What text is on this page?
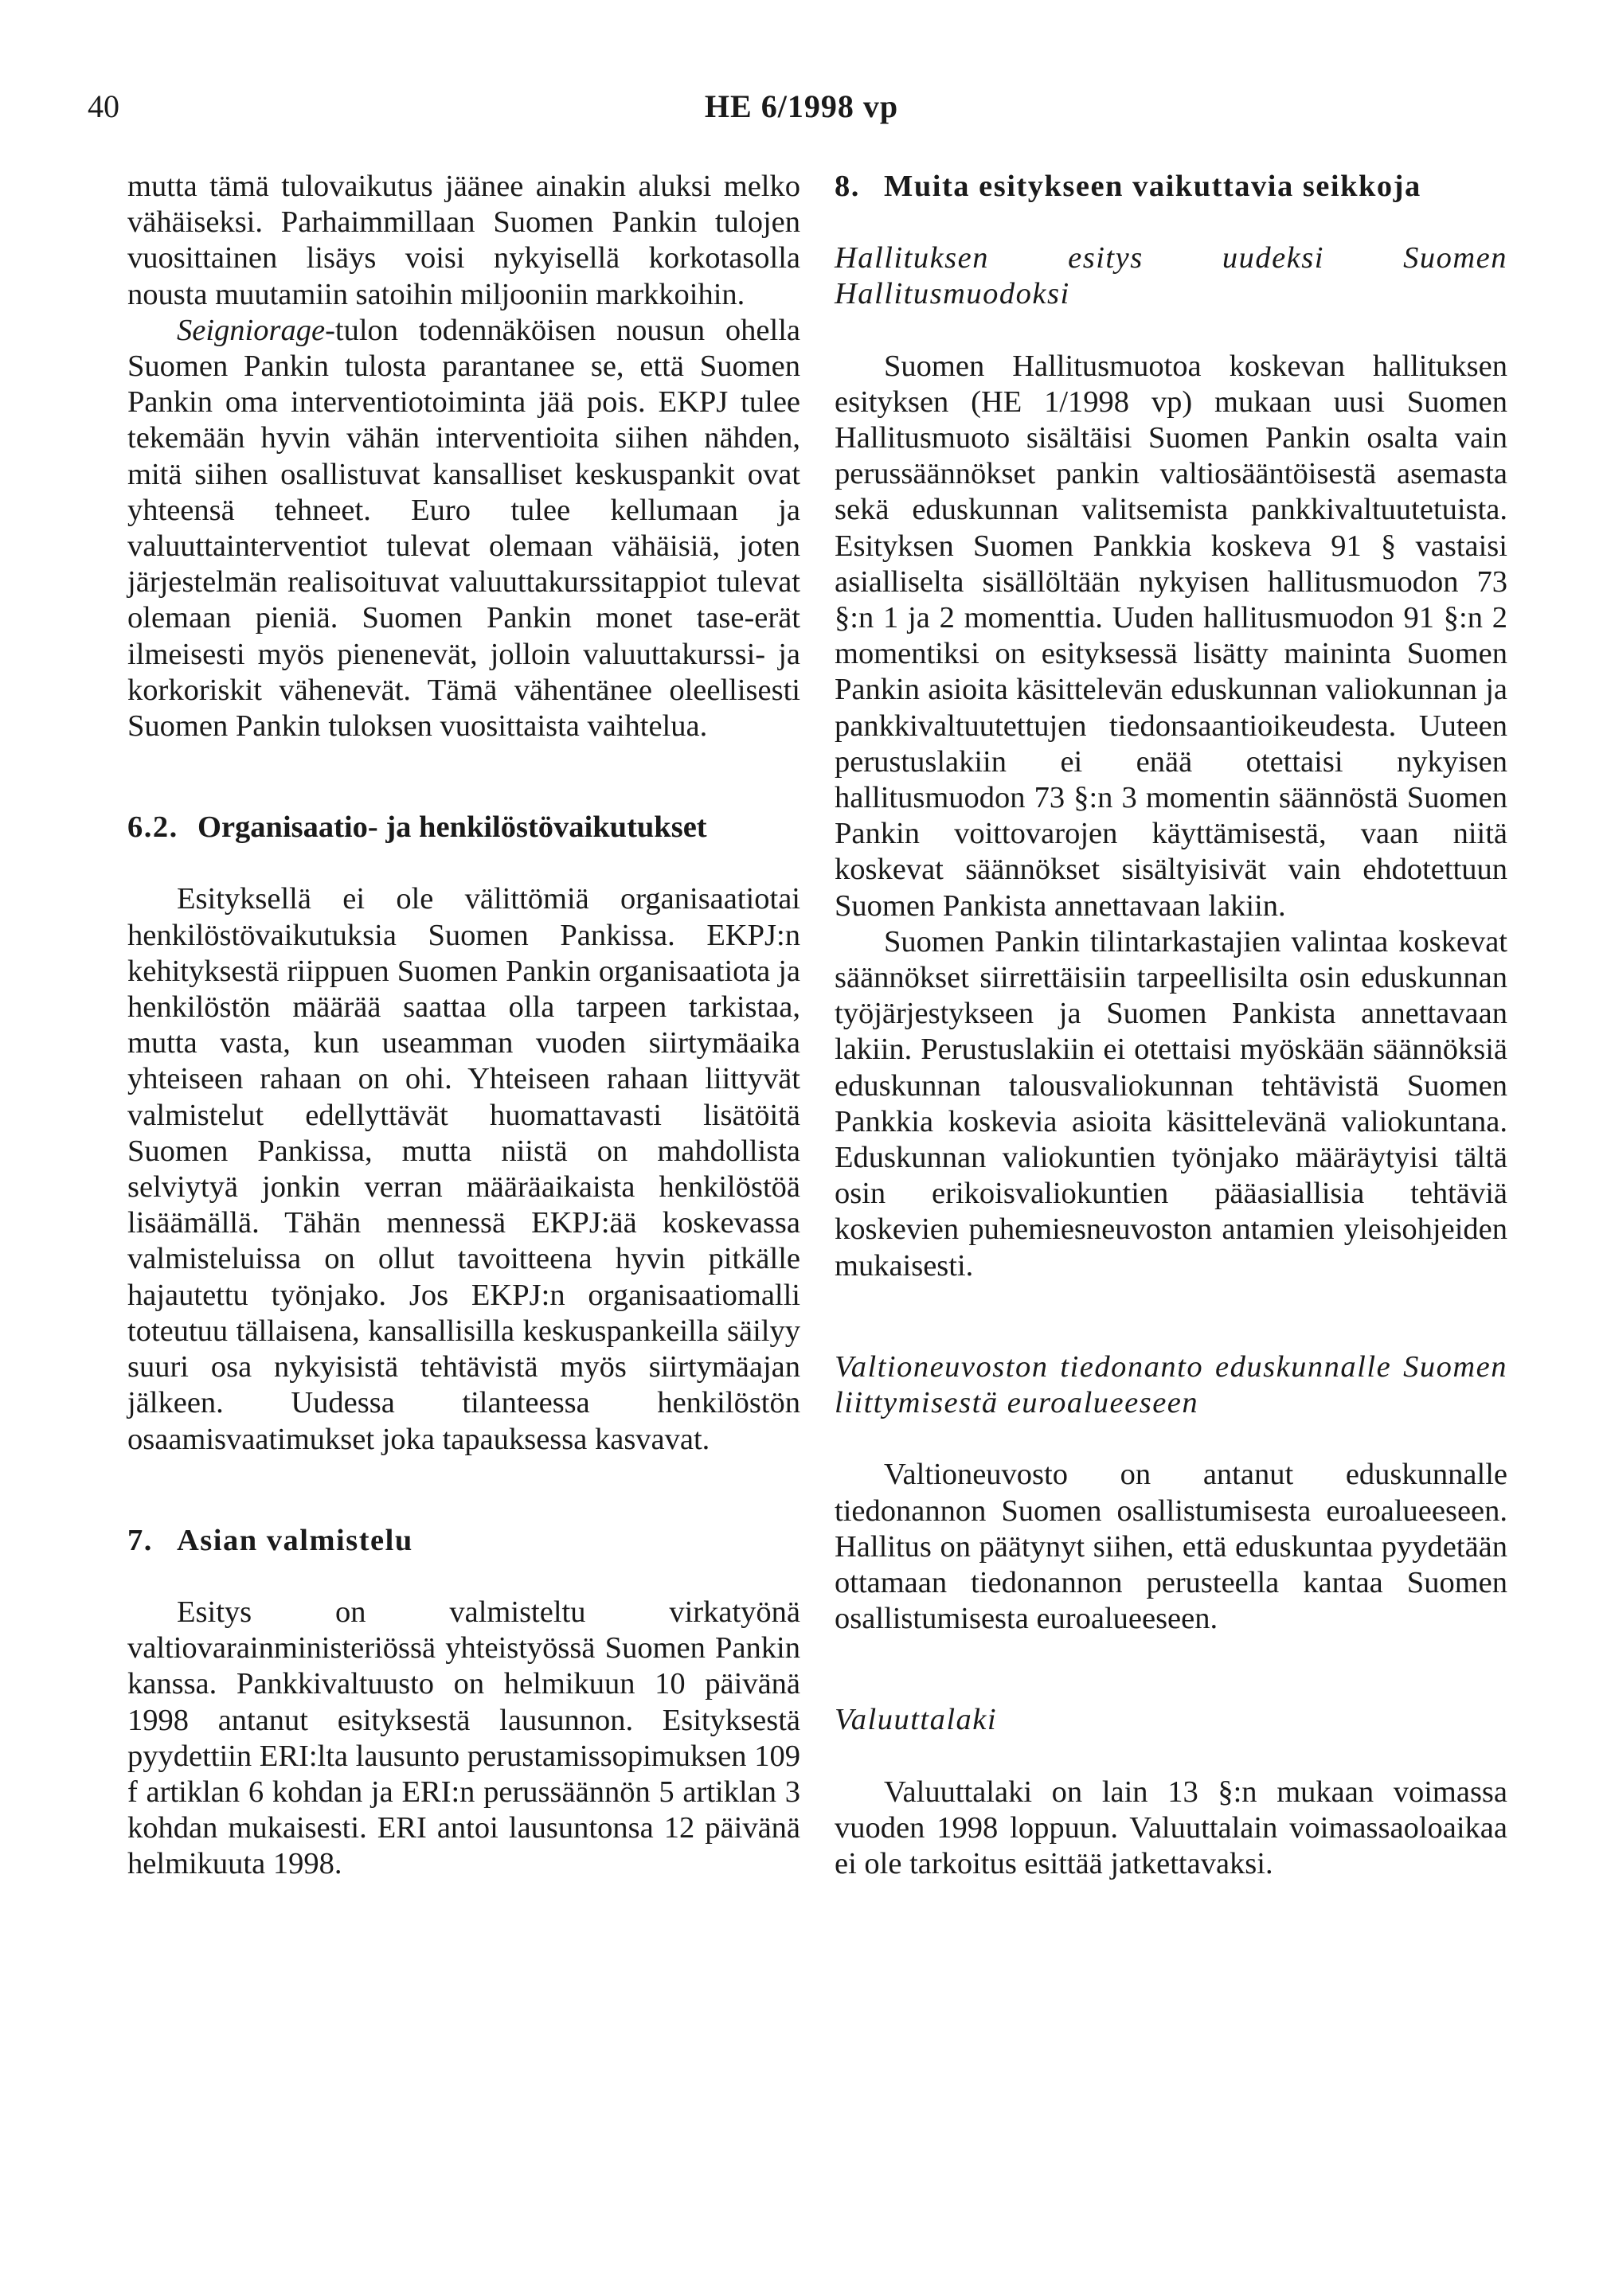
40	HE 6/1998 vp

mutta tämä tulovaikutus jäänee ainakin aluksi melko vähäiseksi. Parhaimmillaan Suomen Pankin tulojen vuosittainen lisäys voisi nykyisellä korkotasolla nousta muutamiin satoihin miljooniin markkoihin.

Seigniorage-tulon todennäköisen nousun ohella Suomen Pankin tulosta parantanee se, että Suomen Pankin oma interventiotoiminta jää pois. EKPJ tulee tekemään hyvin vähän interventioita siihen nähden, mitä siihen osallistuvat kansalliset keskuspankit ovat yhteensä tehneet. Euro tulee kellumaan ja valuuttainterventiot tulevat olemaan vähäisiä, joten järjestelmän realisoituvat valuuttakurssitappiot tulevat olemaan pieniä. Suomen Pankin monet tase-erät ilmeisesti myös pienenevät, jolloin valuuttakurssi- ja korkoriskit vähenevät. Tämä vähentänee oleellisesti Suomen Pankin tuloksen vuosittaista vaihtelua.

6.2. Organisaatio- ja henkilöstövaikutukset

Esityksellä ei ole välittömiä organisaatiotai henkilöstövaikutuksia Suomen Pankissa. EKPJ:n kehityksestä riippuen Suomen Pankin organisaatiota ja henkilöstön määrää saattaa olla tarpeen tarkistaa, mutta vasta, kun useamman vuoden siirtymäaika yhteiseen rahaan on ohi. Yhteiseen rahaan liittyvät valmistelut edellyttävät huomattavasti lisätöitä Suomen Pankissa, mutta niistä on mahdollista selviytyä jonkin verran määräaikaista henkilöstöä lisäämällä. Tähän mennessä EKPJ:ää koskevassa valmisteluissa on ollut tavoitteena hyvin pitkälle hajautettu työnjako. Jos EKPJ:n organisaatiomalli toteutuu tällaisena, kansallisilla keskuspankeilla säilyy suuri osa nykyisistä tehtävistä myös siirtymäajan jälkeen. Uudessa tilanteessa henkilöstön osaamisvaatimukset joka tapauksessa kasvavat.

7. Asian valmistelu

Esitys on valmisteltu virkatyönä valtiovarainministeriössä yhteistyössä Suomen Pankin kanssa. Pankkivaltuusto on helmikuun 10 päivänä 1998 antanut esityksestä lausunnon. Esityksestä pyydettiin ERI:lta lausunto perustamissopimuksen 109 f artiklan 6 kohdan ja ERI:n perussäännön 5 artiklan 3 kohdan mukaisesti. ERI antoi lausuntonsa 12 päivänä helmikuuta 1998.

8. Muita esitykseen vaikuttavia seikkoja

Hallituksen esitys uudeksi Suomen Hallitusmuodoksi

Suomen Hallitusmuotoa koskevan hallituksen esityksen (HE 1/1998 vp) mukaan uusi Suomen Hallitusmuoto sisältäisi Suomen Pankin osalta vain perussäännökset pankin valtiosääntöisestä asemasta sekä eduskunnan valitsemista pankkivaltuutetuista. Esityksen Suomen Pankkia koskeva 91 § vastaisi asialliselta sisällöltään nykyisen hallitusmuodon 73 §:n 1 ja 2 momenttia. Uuden hallitusmuodon 91 §:n 2 momentiksi on esityksessä lisätty maininta Suomen Pankin asioita käsittelevän eduskunnan valiokunnan ja pankkivaltuutettujen tiedonsaantioikeudesta. Uuteen perustuslakiin ei enää otettaisi nykyisen hallitusmuodon 73 §:n 3 momentin säännöstä Suomen Pankin voittovarojen käyttämisestä, vaan niitä koskevat säännökset sisältyisivät vain ehdotettuun Suomen Pankista annettavaan lakiin.

Suomen Pankin tilintarkastajien valintaa koskevat säännökset siirrettäisiin tarpeellisilta osin eduskunnan työjärjestykseen ja Suomen Pankista annettavaan lakiin. Perustuslakiin ei otettaisi myöskään säännöksiä eduskunnan talousvaliokunnan tehtävistä Suomen Pankkia koskevia asioita käsittelevänä valiokuntana. Eduskunnan valiokuntien työnjako määräytyisi tältä osin erikoisvaliokuntien pääasiallisia tehtäviä koskevien puhemiesneuvoston antamien yleisohjeiden mukaisesti.

Valtioneuvoston tiedonanto eduskunnalle Suomen liittymisestä euroalueeseen

Valtioneuvosto on antanut eduskunnalle tiedonannon Suomen osallistumisesta euroalueeseen. Hallitus on päätynyt siihen, että eduskuntaa pyydetään ottamaan tiedonannon perusteella kantaa Suomen osallistumisesta euroalueeseen.

Valuuttalaki

Valuuttalaki on lain 13 §:n mukaan voimassa vuoden 1998 loppuun. Valuuttalain voimassaoloaikaa ei ole tarkoitus esittää jatkettavaksi.
